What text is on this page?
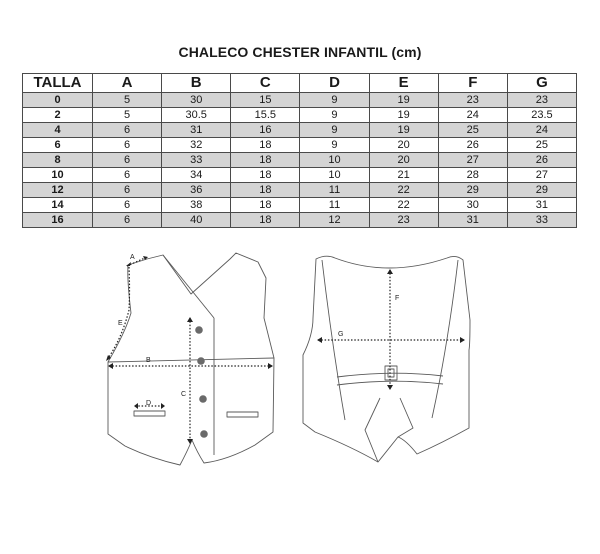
CHALECO CHESTER INFANTIL (cm)
TALLA	A	B	C	D	E	F	G
0	5	30	15	9	19	23	23
2	5	30.5	15.5	9	19	24	23.5
4	6	31	16	9	19	25	24
6	6	32	18	9	20	26	25
8	6	33	18	10	20	27	26
10	6	34	18	10	21	28	27
12	6	36	18	11	22	29	29
14	6	38	18	11	22	30	31
16	6	40	18	12	23	31	33
A
E
B
C
D
F
G
